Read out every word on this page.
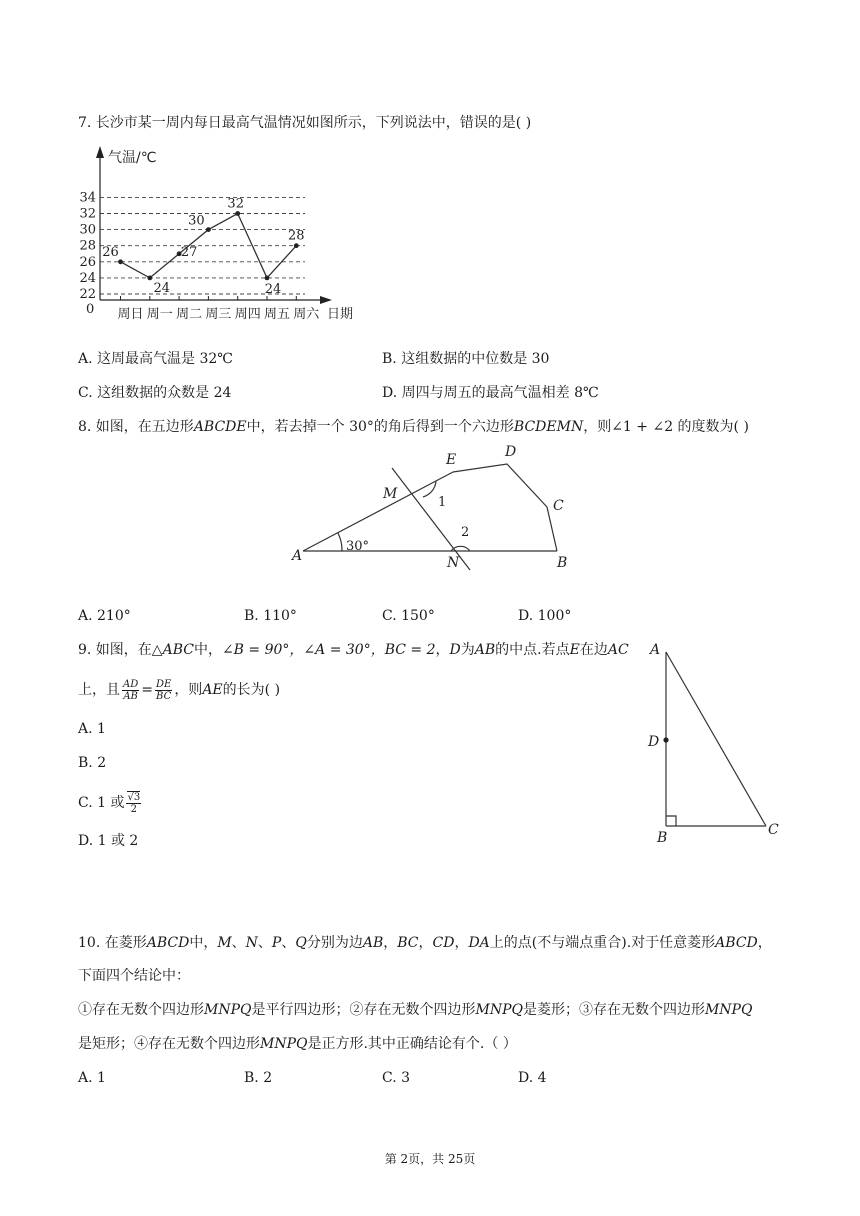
7. 长沙市某一周内每日最高气温情况如图所示，下列说法中，错误的是( )
22
24
26
28
30
32
34
0
气温/℃
周日 周一 周二 周三 周四 周五 周六 日期
26
24
27
30
32
24
28
A. 这周最高气温是 32℃	B. 这组数据的中位数是 30
C. 这组数据的众数是 24	D. 周四与周五的最高气温相差 8℃
8. 如图，在五边形ABCDE中，若去掉一个 30°的角后得到一个六边形BCDEMN，则∠1 + ∠2 的度数为( )
A	B
C
D
E
M
N
1
2
30°
A. 210°	B. 110°	C. 150°	D. 100°
9. 如图，在△ABC中，∠B = 90°，∠A = 30°，BC = 2，D为AB的中点.若点E在边AC
上，且 $\frac{AD}{AB} = \frac{DE}{BC}$ ，则AE的长为( )
A. 1
B. 2
C. 1 或 $\frac{√3}{2}$
D. 1 或 2
A
D
B	C
10. 在菱形ABCD中，M、N、P、Q分别为边AB，BC，CD，DA上的点(不与端点重合).对于任意菱形ABCD，
下面四个结论中：
①存在无数个四边形MNPQ是平行四边形；②存在无数个四边形MNPQ是菱形；③存在无数个四边形MNPQ
是矩形；④存在无数个四边形MNPQ是正方形.其中正确结论有个.（ ）
A. 1	B. 2	C. 3	D. 4
第 2页，共 25页
